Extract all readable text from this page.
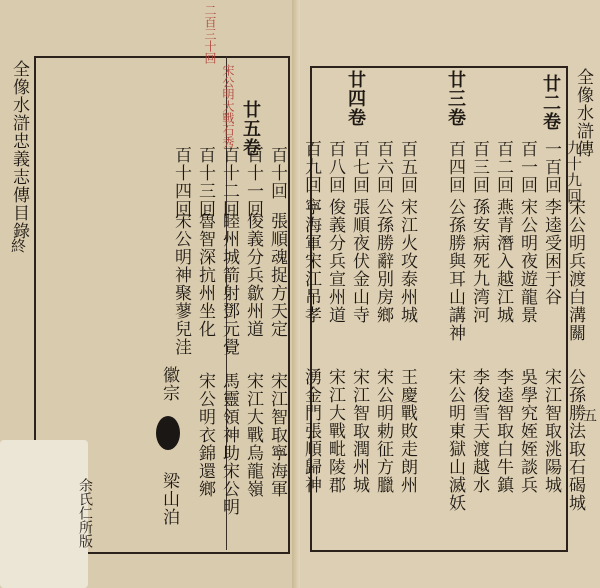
全像水滸忠義志傳目錄
終
二百三十回
宋公明大戰石秀 廿五卷
百十回
張順魂捉方天定
百十一回
俊義分兵歙州道
百十二回
睦州城箭射鄧元覺
百十三回
魯智深抗州坐化
百十四回
宋公明神聚蓼兒洼
宋江智取寧海軍
宋江大戰烏龍嶺
馬靈領神助宋公明
宋公明衣錦還鄉
徽宗
梁山泊
余氏仁所版
全像水滸傳
五
廿二卷
九十九回
宋公明兵渡白溝關
公孫勝法取石碣城
一百回
李逵受困于谷
宋江智取洮陽城
百一回
宋公明夜遊龍景
吳學究姪姪談兵
百二回
燕青潛入越江城
李逵智取白牛鎮
百三回
孫安病死九湾河
李俊雪天渡越水
百四回
公孫勝與耳山講神
宋公明東獄山滅妖
廿三卷
百五回
宋江火攻泰州城
王慶戰敗走朗州
百六回
公孫勝辭別房鄉
宋公明勅征方臘
廿四卷
百七回
張順夜伏金山寺
宋江智取潤州城
百八回
俊義分兵宣州道
宋江大戰毗陵郡
百九回
寧海軍宋江吊孝
湧金門張順歸神
